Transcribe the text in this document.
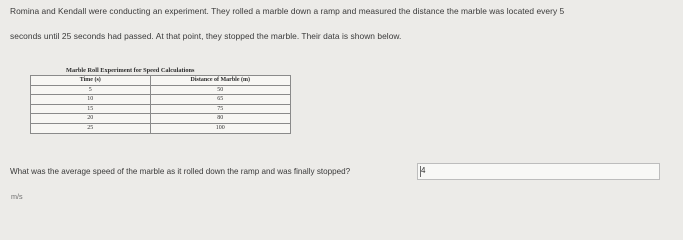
Romina and Kendall were conducting an experiment. They rolled a marble down a ramp and measured the distance the marble was located every 5
seconds until 25 seconds had passed. At that point, they stopped the marble. Their data is shown below.
Marble Roll Experiment for Speed Calculations
Time (s)	Distance of Marble (m)
5	50
10	65
15	75
20	80
25	100
What was the average speed of the marble as it rolled down the ramp and was finally stopped?	4
m/s
